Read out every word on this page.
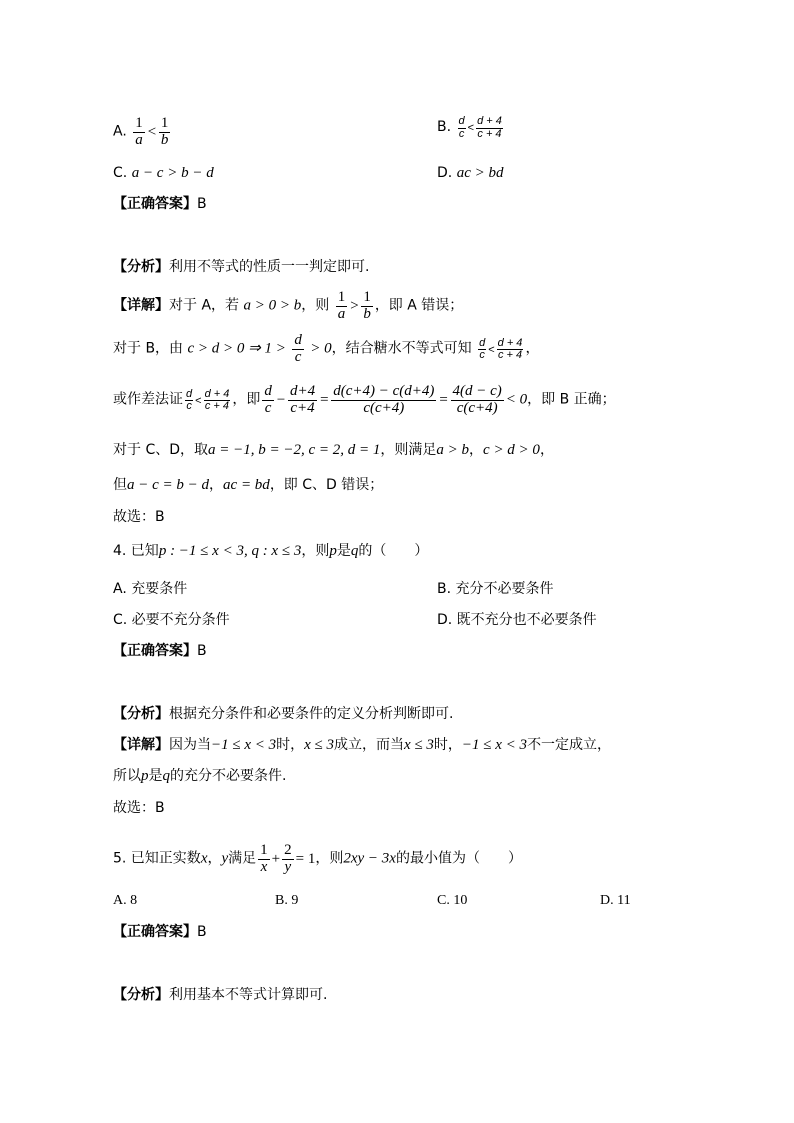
A. $\frac{1}{a} < \frac{1}{b}$	B. $\frac{d}{c} < \frac{d + 4}{c + 4}$
C. a − c > b − d	D. ac > bd
【正确答案】B
【分析】利用不等式的性质一一判定即可.
【详解】对于 A，若 a > 0 > b，则 $\frac{1}{a} > \frac{1}{b}$ ，即 A 错误；
对于 B，由 c > d > 0 ⇒ $1 > \frac{d}{c} > 0$，结合糖水不等式可知 $\frac{d}{c} < \frac{d + 4}{c + 4}$ ，
或作差法证 $\frac{d}{c} < \frac{d + 4}{c + 4}$ ，即 $\frac{d}{c} - \frac{d+4}{c+4} = \frac{d(c+4) - c(d+4)}{c(c+4)} = \frac{4(d - c)}{c(c+4)} < 0$，即 B 正确；
对于 C、D，取a = −1, b = −2, c = 2, d = 1，则满足a > b，c > d > 0，
但a − c = b − d，ac = bd，即 C、D 错误；
故选：B
4. 已知p : −1 ≤ x < 3, q : x ≤ 3，则p是q的（　　）
A. 充要条件	B. 充分不必要条件
C. 必要不充分条件	D. 既不充分也不必要条件
【正确答案】B
【分析】根据充分条件和必要条件的定义分析判断即可.
【详解】因为当−1 ≤ x < 3时，x ≤ 3成立，而当x ≤ 3时，−1 ≤ x < 3不一定成立，
所以p是q的充分不必要条件.
故选：B
5. 已知正实数x，y满足 $\frac{1}{x} + \frac{2}{y} = 1$，则2xy − 3x的最小值为（　　）
A. 8	B. 9	C. 10	D. 11
【正确答案】B
【分析】利用基本不等式计算即可.
